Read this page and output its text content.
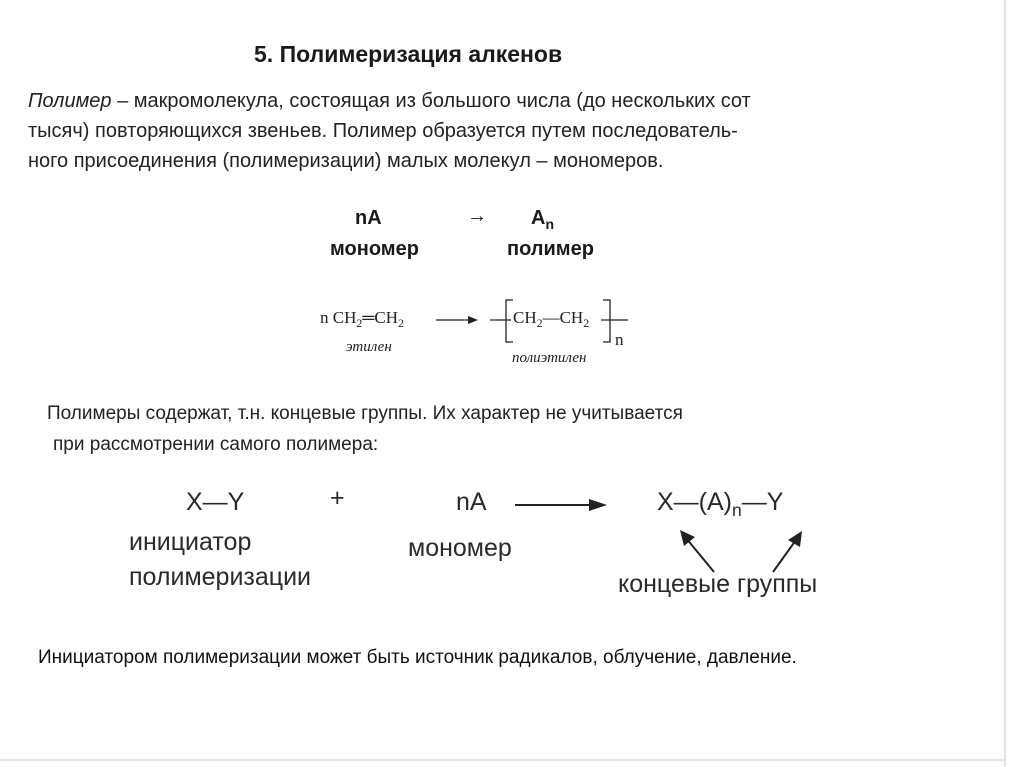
5. Полимеризация алкенов
Полимер – макромолекула, состоящая из большого числа (до нескольких сот
тысяч) повторяющихся звеньев. Полимер образуется путем последователь-
ного присоединения (полимеризации) малых молекул – мономеров.
nA	→ $A_n$
мономер	полимер
n $CH_2═CH_2$	$CH_2—CH_2$
n
этилен
полиэтилен
Полимеры содержат, т.н. концевые группы. Их характер не учитывается
при рассмотрении самого полимера:
X—Y	+	nA	$X—(A)_n—Y$
инициатор
полимеризации
мономер
концевые группы
Инициатором полимеризации может быть источник радикалов, облучение, давление.
